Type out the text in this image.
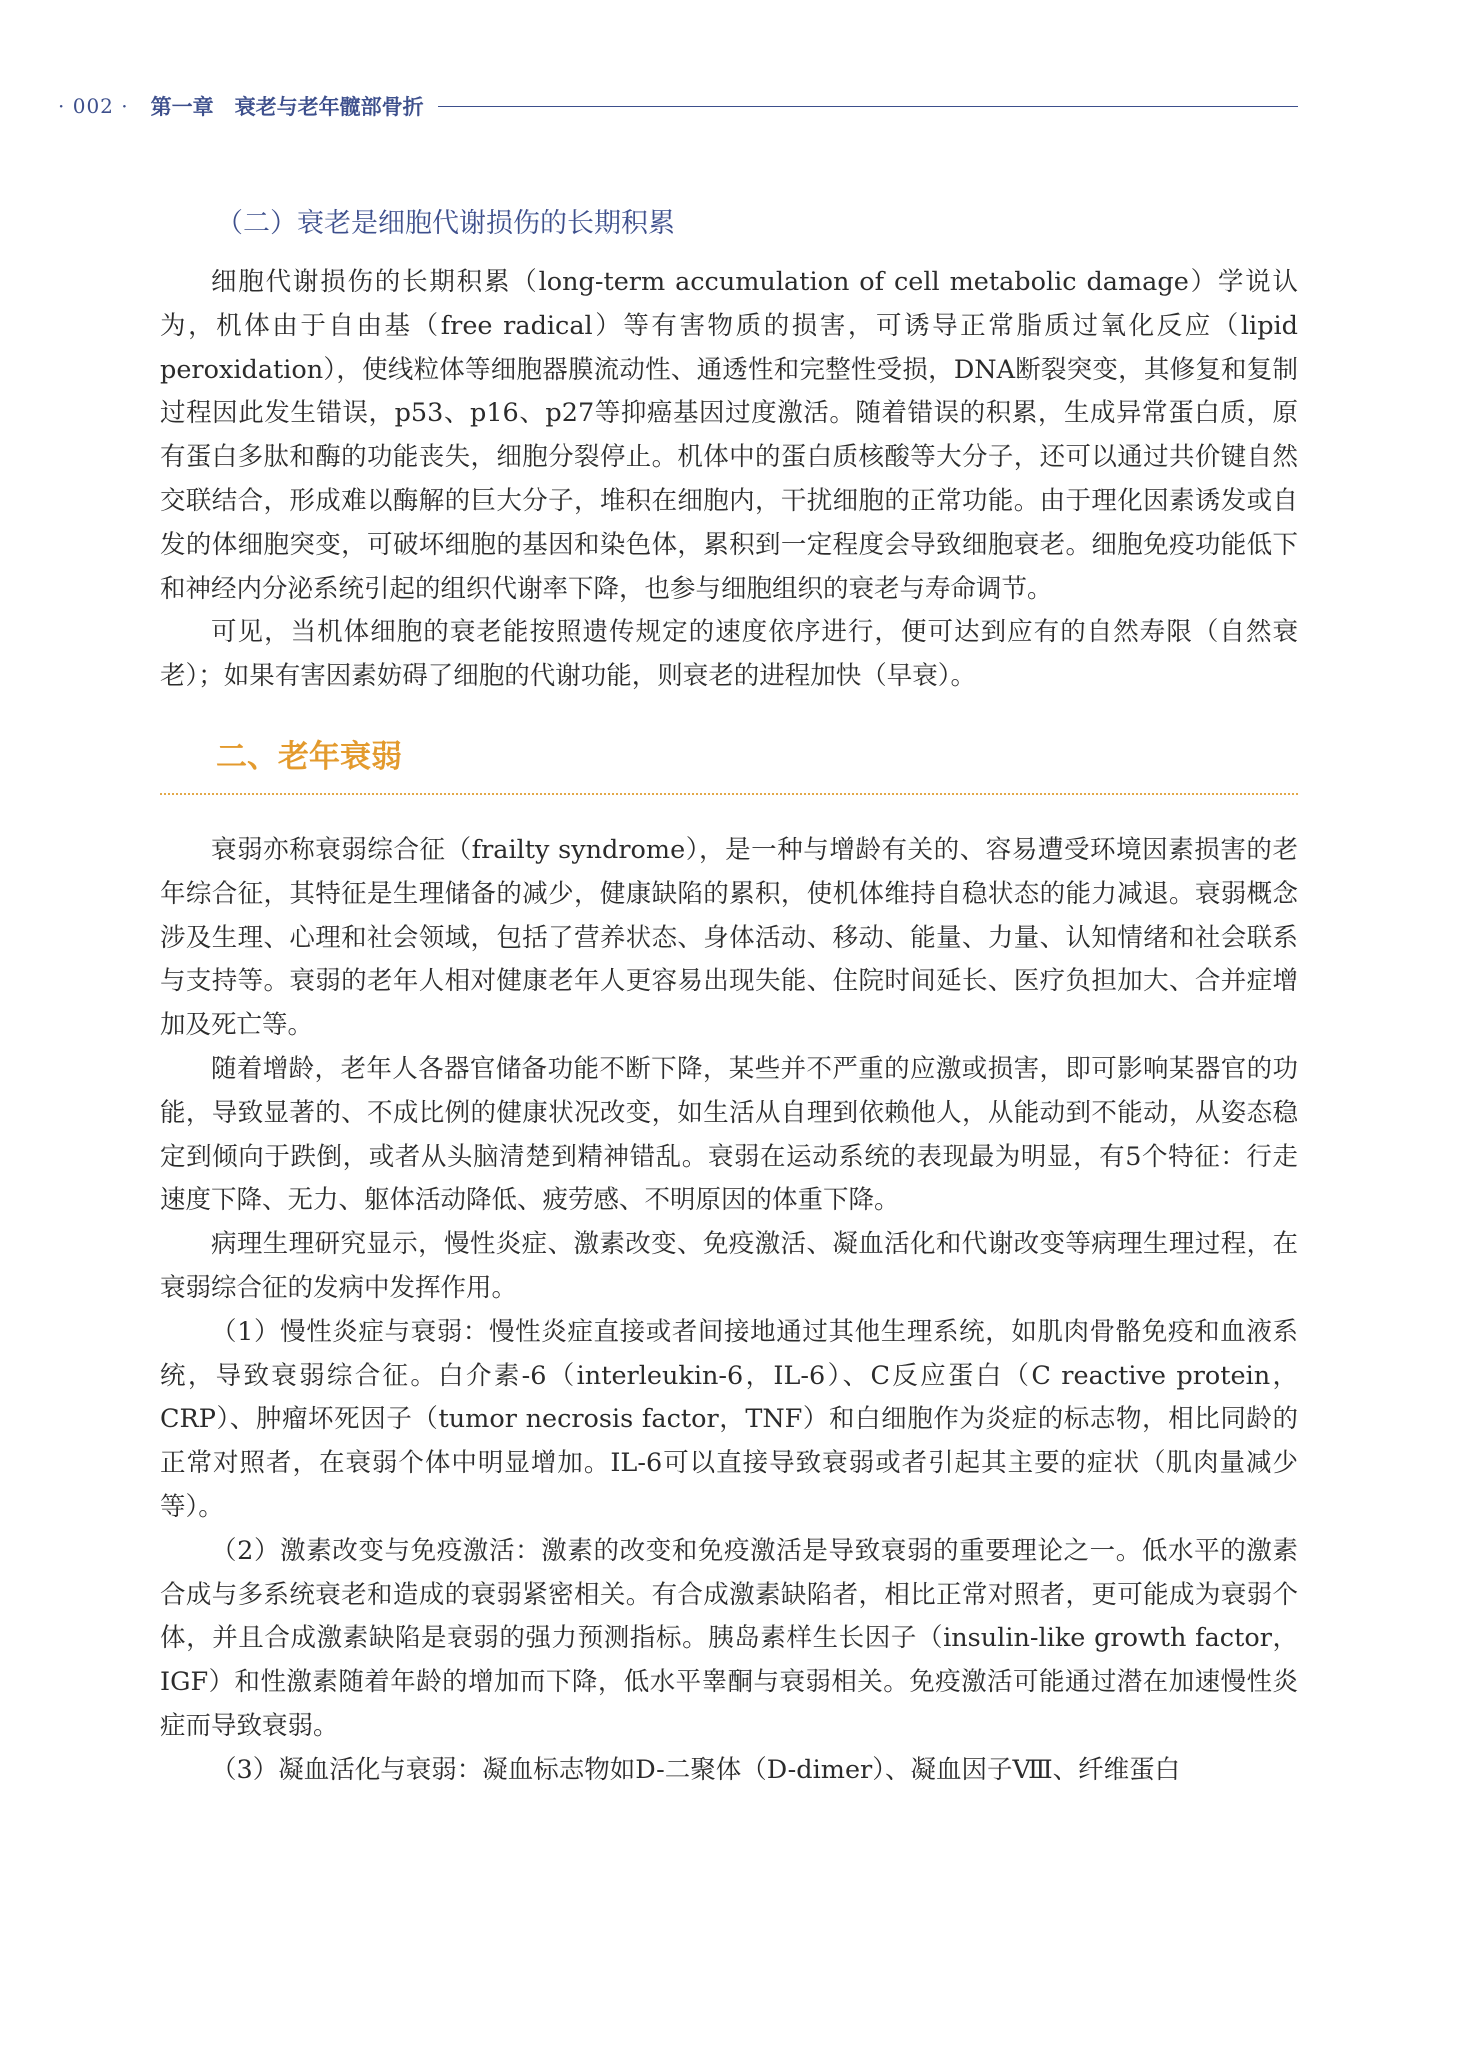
· 002 · 第一章　衰老与老年髋部骨折
（二）衰老是细胞代谢损伤的长期积累

细胞代谢损伤的长期积累（long-term accumulation of cell metabolic damage）学说认为，机体由于自由基（free radical）等有害物质的损害，可诱导正常脂质过氧化反应（lipid peroxidation），使线粒体等细胞器膜流动性、通透性和完整性受损，DNA断裂突变，其修复和复制过程因此发生错误，p53、p16、p27等抑癌基因过度激活。随着错误的积累，生成异常蛋白质，原有蛋白多肽和酶的功能丧失，细胞分裂停止。机体中的蛋白质核酸等大分子，还可以通过共价键自然交联结合，形成难以酶解的巨大分子，堆积在细胞内，干扰细胞的正常功能。由于理化因素诱发或自发的体细胞突变，可破坏细胞的基因和染色体，累积到一定程度会导致细胞衰老。细胞免疫功能低下和神经内分泌系统引起的组织代谢率下降，也参与细胞组织的衰老与寿命调节。

可见，当机体细胞的衰老能按照遗传规定的速度依序进行，便可达到应有的自然寿限（自然衰老）；如果有害因素妨碍了细胞的代谢功能，则衰老的进程加快（早衰）。

二、老年衰弱

衰弱亦称衰弱综合征（frailty syndrome），是一种与增龄有关的、容易遭受环境因素损害的老年综合征，其特征是生理储备的减少，健康缺陷的累积，使机体维持自稳状态的能力减退。衰弱概念涉及生理、心理和社会领域，包括了营养状态、身体活动、移动、能量、力量、认知情绪和社会联系与支持等。衰弱的老年人相对健康老年人更容易出现失能、住院时间延长、医疗负担加大、合并症增加及死亡等。

随着增龄，老年人各器官储备功能不断下降，某些并不严重的应激或损害，即可影响某器官的功能，导致显著的、不成比例的健康状况改变，如生活从自理到依赖他人，从能动到不能动，从姿态稳定到倾向于跌倒，或者从头脑清楚到精神错乱。衰弱在运动系统的表现最为明显，有5个特征：行走速度下降、无力、躯体活动降低、疲劳感、不明原因的体重下降。

病理生理研究显示，慢性炎症、激素改变、免疫激活、凝血活化和代谢改变等病理生理过程，在衰弱综合征的发病中发挥作用。

（1）慢性炎症与衰弱：慢性炎症直接或者间接地通过其他生理系统，如肌肉骨骼免疫和血液系统，导致衰弱综合征。白介素-6（interleukin-6，IL-6）、C反应蛋白（C reactive protein，CRP）、肿瘤坏死因子（tumor necrosis factor，TNF）和白细胞作为炎症的标志物，相比同龄的正常对照者，在衰弱个体中明显增加。IL-6可以直接导致衰弱或者引起其主要的症状（肌肉量减少等）。

（2）激素改变与免疫激活：激素的改变和免疫激活是导致衰弱的重要理论之一。低水平的激素合成与多系统衰老和造成的衰弱紧密相关。有合成激素缺陷者，相比正常对照者，更可能成为衰弱个体，并且合成激素缺陷是衰弱的强力预测指标。胰岛素样生长因子（insulin-like growth factor，IGF）和性激素随着年龄的增加而下降，低水平睾酮与衰弱相关。免疫激活可能通过潜在加速慢性炎症而导致衰弱。

（3）凝血活化与衰弱：凝血标志物如D-二聚体（D-dimer）、凝血因子Ⅷ、纤维蛋白
